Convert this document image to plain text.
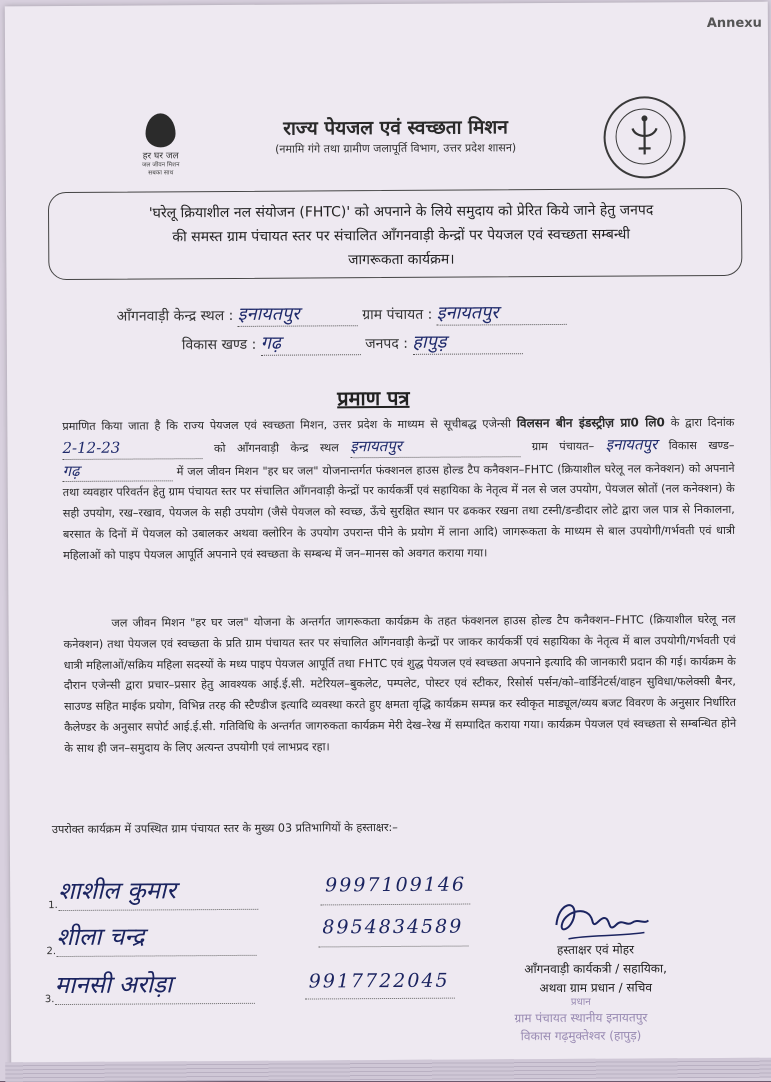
Annexu
हर घर जल
जल जीवन मिशन
सबका साथ
राज्य पेयजल एवं स्वच्छता मिशन
(नमामि गंगे तथा ग्रामीण जलापूर्ति विभाग, उत्तर प्रदेश शासन)
'घरेलू क्रियाशील नल संयोजन (FHTC)' को अपनाने के लिये समुदाय को प्रेरित किये जाने हेतु जनपद
की समस्त ग्राम पंचायत स्तर पर संचालित आँगनवाड़ी केन्द्रों पर पेयजल एवं स्वच्छता सम्बन्धी
जागरूकता कार्यक्रम।
आँगनवाड़ी केन्द्र स्थल : इनायतपुर	ग्राम पंचायत : इनायतपुर
विकास खण्ड : गढ़	जनपद : हापुड़
प्रमाण पत्र
प्रमाणित किया जाता है कि राज्य पेयजल एवं स्वच्छता मिशन, उत्तर प्रदेश के माध्यम से सूचीबद्ध एजेन्सी विलसन बीन इंडस्ट्रीज़ प्रा0 लि0 के द्वारा दिनांक 2-12-23	को आँगनवाड़ी केन्द्र स्थल इनायतपुर	ग्राम पंचायत– इनायतपुर विकास खण्ड– गढ़	में जल जीवन मिशन "हर घर जल" योजनान्तर्गत फंक्शनल हाउस होल्ड टैप कनैक्शन–FHTC (क्रियाशील घरेलू नल कनेक्शन) को अपनाने तथा व्यवहार परिवर्तन हेतु ग्राम पंचायत स्तर पर संचालित आँगनवाड़ी केन्द्रों पर कार्यकर्त्री एवं सहायिका के नेतृत्व में नल से जल उपयोग, पेयजल स्रोतों (नल कनेक्शन) के सही उपयोग, रख–रखाव, पेयजल के सही उपयोग (जैसे पेयजल को स्वच्छ, ऊँचे सुरक्षित स्थान पर ढककर रखना तथा टस्नी/डन्डीदार लोटे द्वारा जल पात्र से निकालना, बरसात के दिनों में पेयजल को उबालकर अथवा क्लोरिन के उपयोग उपरान्त पीने के प्रयोग में लाना आदि) जागरूकता के माध्यम से बाल उपयोगी/गर्भवती एवं धात्री महिलाओं को पाइप पेयजल आपूर्ति अपनाने एवं स्वच्छता के सम्बन्ध में जन–मानस को अवगत कराया गया।
जल जीवन मिशन "हर घर जल" योजना के अन्तर्गत जागरूकता कार्यक्रम के तहत फंक्शनल हाउस होल्ड टैप कनैक्शन–FHTC (क्रियाशील घरेलू नल कनेक्शन) तथा पेयजल एवं स्वच्छता के प्रति ग्राम पंचायत स्तर पर संचालित आँगनवाड़ी केन्द्रों पर जाकर कार्यकर्त्री एवं सहायिका के नेतृत्व में बाल उपयोगी/गर्भवती एवं धात्री महिलाओं/सक्रिय महिला सदस्यों के मध्य पाइप पेयजल आपूर्ति तथा FHTC एवं शुद्ध पेयजल एवं स्वच्छता अपनाने इत्यादि की जानकारी प्रदान की गई। कार्यक्रम के दौरान एजेन्सी द्वारा प्रचार–प्रसार हेतु आवश्यक आई.ई.सी. मटेरियल–बुकलेट, पम्पलेट, पोस्टर एवं स्टीकर, रिसोर्स पर्सन/को–वार्डिनेटर्स/वाहन सुविधा/फलेक्सी बैनर, साउण्ड सहित माईक प्रयोग, विभिन्न तरह की स्टैण्डीज इत्यादि व्यवस्था करते हुए क्षमता वृद्धि कार्यक्रम सम्पन्न कर स्वीकृत माड्यूल/व्यय बजट विवरण के अनुसार निर्धारित कैलेण्डर के अनुसार सपोर्ट आई.ई.सी. गतिविधि के अन्तर्गत जागरुकता कार्यक्रम मेरी देख–रेख में सम्पादित कराया गया। कार्यक्रम पेयजल एवं स्वच्छता से सम्बन्धित होने के साथ ही जन–समुदाय के लिए अत्यन्त उपयोगी एवं लाभप्रद रहा।
उपरोक्त कार्यक्रम में उपस्थित ग्राम पंचायत स्तर के मुख्य 03 प्रतिभागियों के हस्ताक्षर:–
1.
शाशील कुमार	9997109146
2.
शीला चन्द्र	8954834589
3.
मानसी अरोड़ा	9917722045
हस्ताक्षर एवं मोहर
आँगनवाड़ी कार्यकत्री / सहायिका,
अथवा ग्राम प्रधान / सचिव
प्रधान
ग्राम पंचायत स्थानीय इनायतपुर
विकास गढ़मुक्तेश्वर (हापुड़)
